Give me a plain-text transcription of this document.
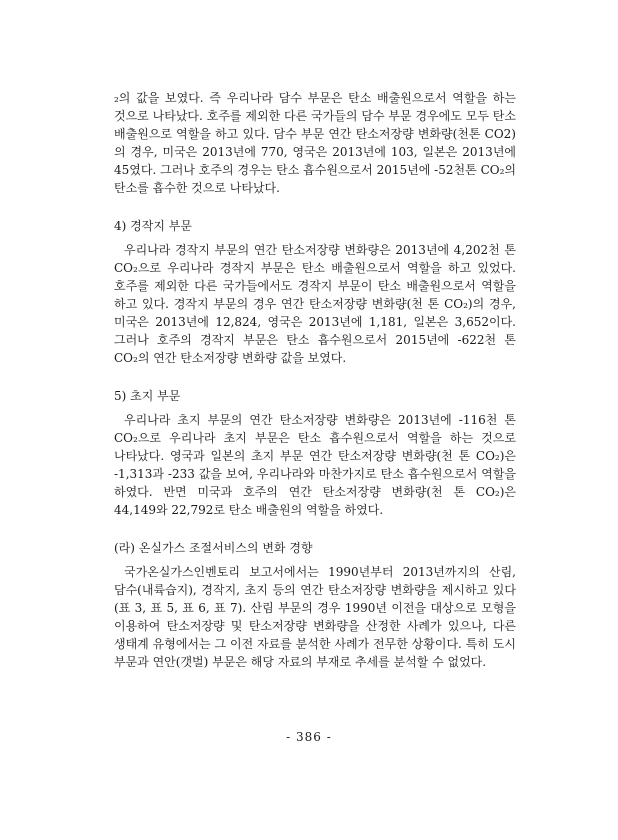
₂의 값을 보였다. 즉 우리나라 담수 부문은 탄소 배출원으로서 역할을 하는 것으로 나타났다. 호주를 제외한 다른 국가들의 담수 부문 경우에도 모두 탄소 배출원으로 역할을 하고 있다. 담수 부문 연간 탄소저장량 변화량(천톤 CO2)의 경우, 미국은 2013년에 770, 영국은 2013년에 103, 일본은 2013년에 45였다. 그러나 호주의 경우는 탄소 흡수원으로서 2015년에 -52천톤 CO₂의 탄소를 흡수한 것으로 나타났다.

4) 경작지 부문

우리나라 경작지 부문의 연간 탄소저장량 변화량은 2013년에 4,202천 톤 CO₂으로 우리나라 경작지 부문은 탄소 배출원으로서 역할을 하고 있었다. 호주를 제외한 다른 국가들에서도 경작지 부문이 탄소 배출원으로서 역할을 하고 있다. 경작지 부문의 경우 연간 탄소저장량 변화량(천 톤 CO₂)의 경우, 미국은 2013년에 12,824, 영국은 2013년에 1,181, 일본은 3,652이다. 그러나 호주의 경작지 부문은 탄소 흡수원으로서 2015년에 -622천 톤 CO₂의 연간 탄소저장량 변화량 값을 보였다.

5) 초지 부문

우리나라 초지 부문의 연간 탄소저장량 변화량은 2013년에 -116천 톤 CO₂으로 우리나라 초지 부문은 탄소 흡수원으로서 역할을 하는 것으로 나타났다. 영국과 일본의 초지 부문 연간 탄소저장량 변화량(천 톤 CO₂)은 -1,313과 -233 값을 보여, 우리나라와 마찬가지로 탄소 흡수원으로서 역할을 하였다. 반면 미국과 호주의 연간 탄소저장량 변화량(천 톤 CO₂)은 44,149와 22,792로 탄소 배출원의 역할을 하였다.

(라) 온실가스 조절서비스의 변화 경향

국가온실가스인벤토리 보고서에서는 1990년부터 2013년까지의 산림, 담수(내륙습지), 경작지, 초지 등의 연간 탄소저장량 변화량을 제시하고 있다(표 3, 표 5, 표 6, 표 7). 산림 부문의 경우 1990년 이전을 대상으로 모형을 이용하여 탄소저장량 및 탄소저장량 변화량을 산정한 사례가 있으나, 다른 생태계 유형에서는 그 이전 자료를 분석한 사례가 전무한 상황이다. 특히 도시 부문과 연안(갯벌) 부문은 해당 자료의 부재로 추세를 분석할 수 없었다.

- 386 -
